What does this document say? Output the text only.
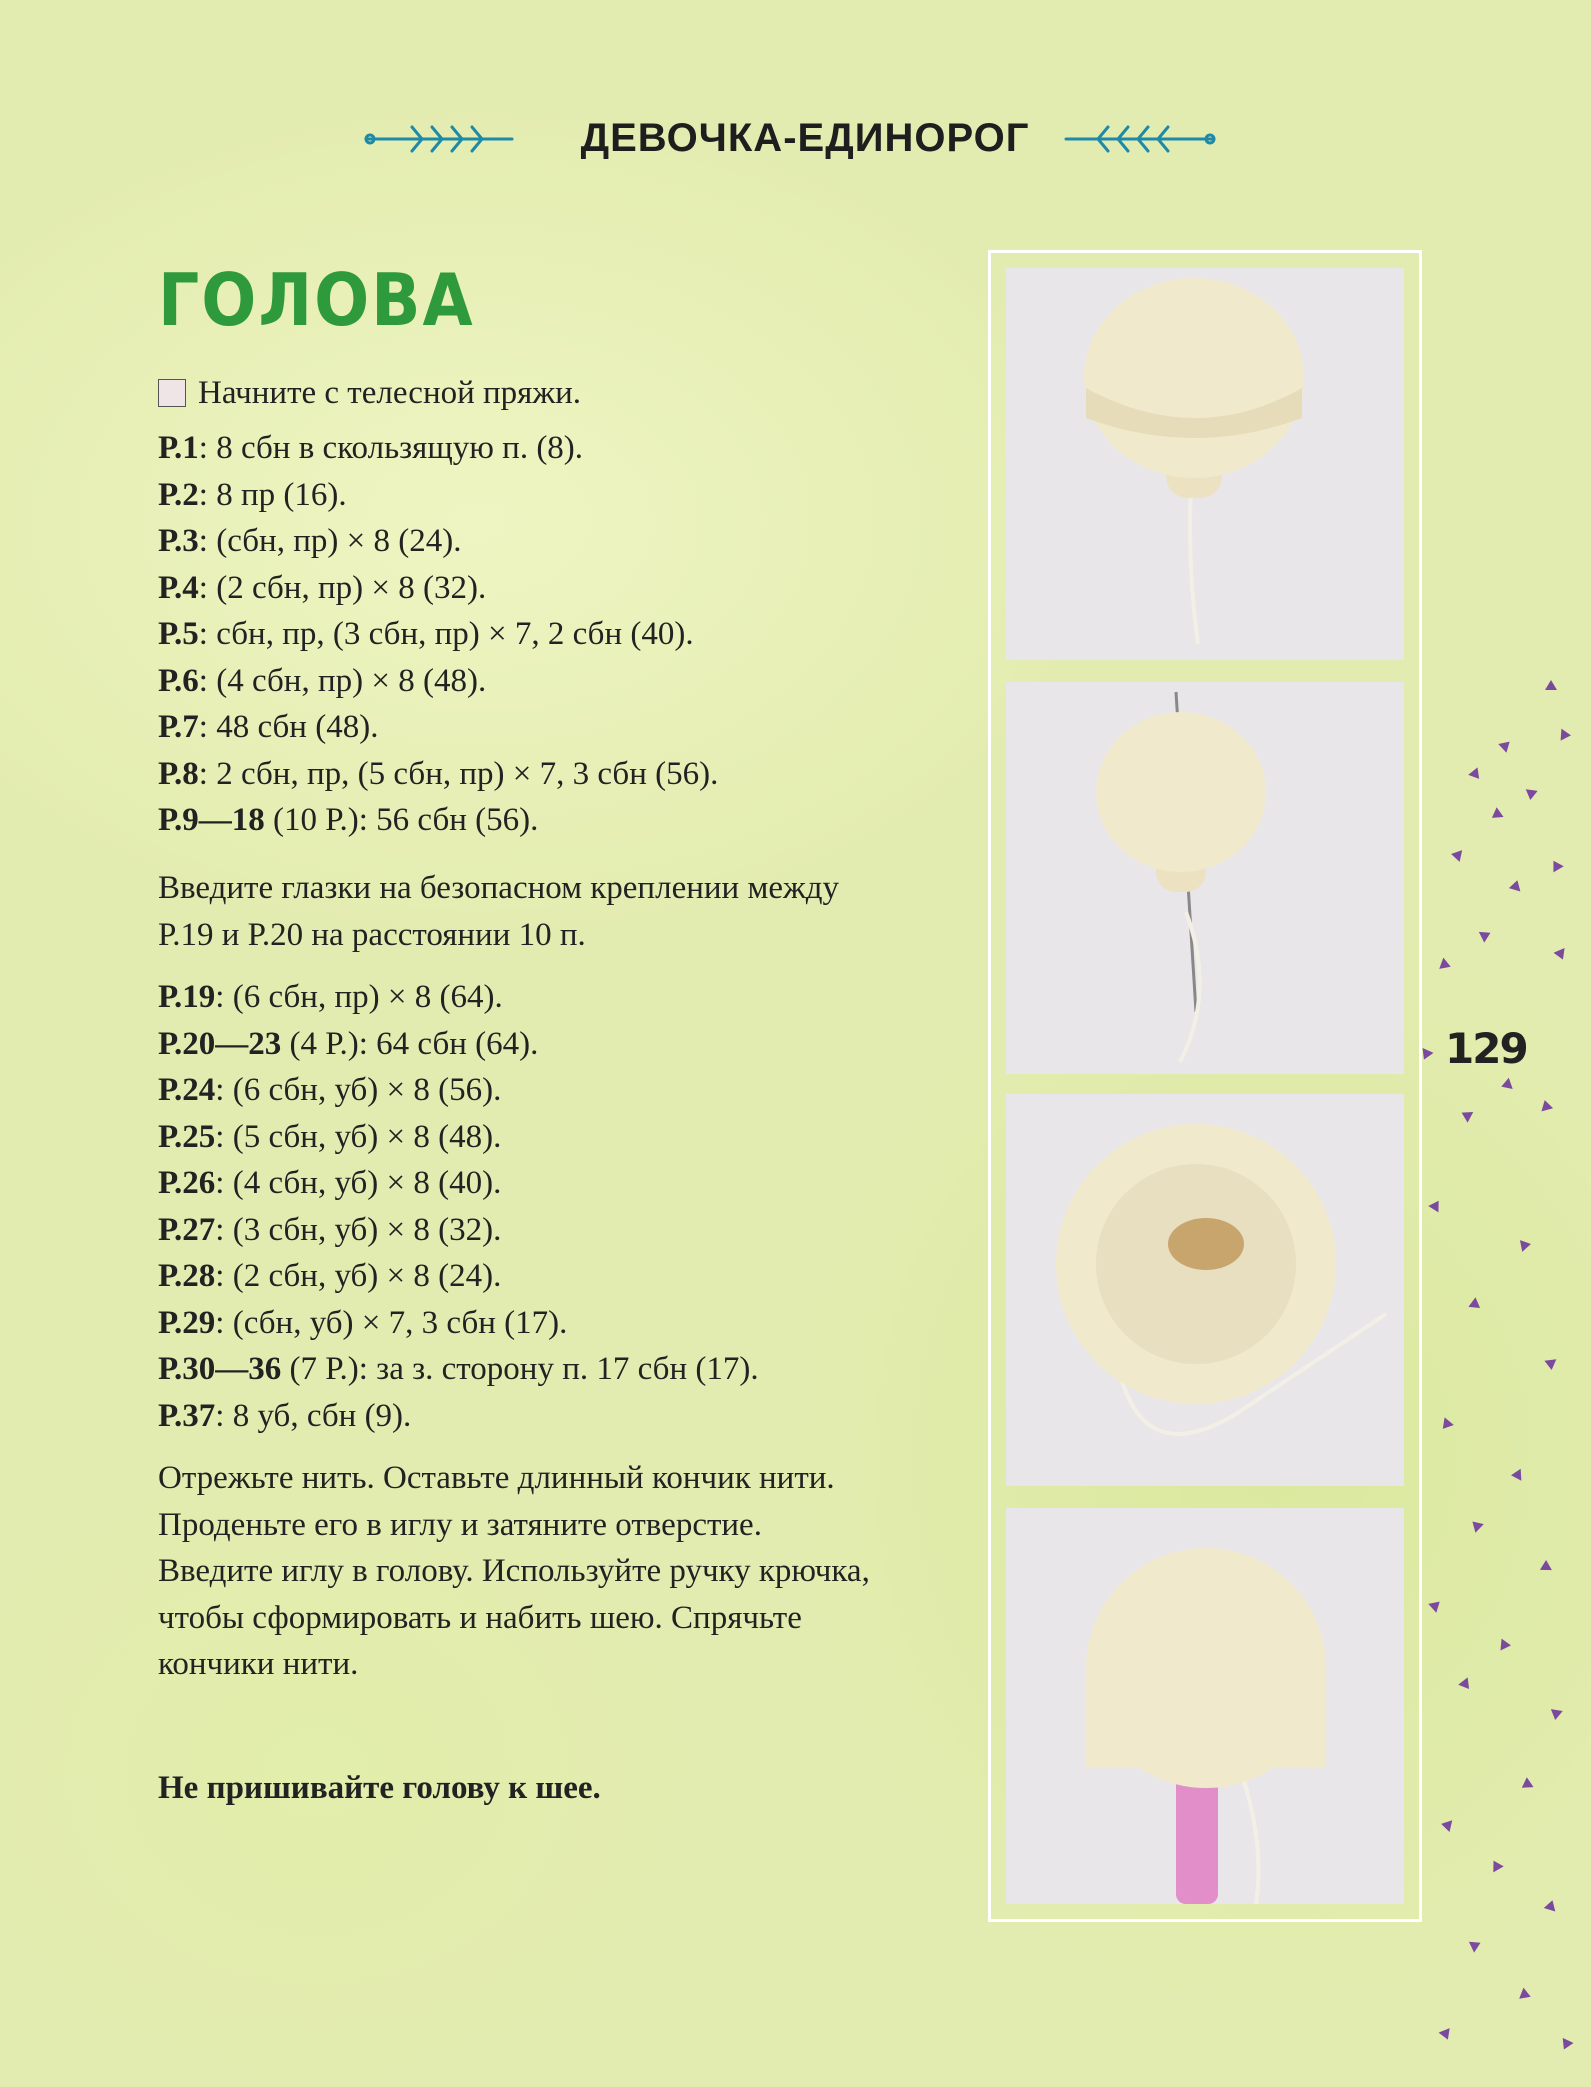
ДЕВОЧКА-ЕДИНОРОГ
ГОЛОВА
Начните с телесной пряжи.
Р.1: 8 сбн в скользящую п. (8).
Р.2: 8 пр (16).
Р.3: (сбн, пр) × 8 (24).
Р.4: (2 сбн, пр) × 8 (32).
Р.5: сбн, пр, (3 сбн, пр) × 7, 2 сбн (40).
Р.6: (4 сбн, пр) × 8 (48).
Р.7: 48 сбн (48).
Р.8: 2 сбн, пр, (5 сбн, пр) × 7, 3 сбн (56).
Р.9—18 (10 Р.): 56 сбн (56).

Введите глазки на безопасном креплении между Р.19 и Р.20 на расстоянии 10 п.

Р.19: (6 сбн, пр) × 8 (64).
Р.20—23 (4 Р.): 64 сбн (64).
Р.24: (6 сбн, уб) × 8 (56).
Р.25: (5 сбн, уб) × 8 (48).
Р.26: (4 сбн, уб) × 8 (40).
Р.27: (3 сбн, уб) × 8 (32).
Р.28: (2 сбн, уб) × 8 (24).
Р.29: (сбн, уб) × 7, 3 сбн (17).
Р.30—36 (7 Р.): за з. сторону п. 17 сбн (17).
Р.37: 8 уб, сбн (9).

Отрежьте нить. Оставьте длинный кончик нити. Проденьте его в иглу и затяните отверстие. Введите иглу в голову. Используйте ручку крючка, чтобы сформировать и набить шею. Спрячьте кончики нити.

Не пришивайте голову к шее.

129
